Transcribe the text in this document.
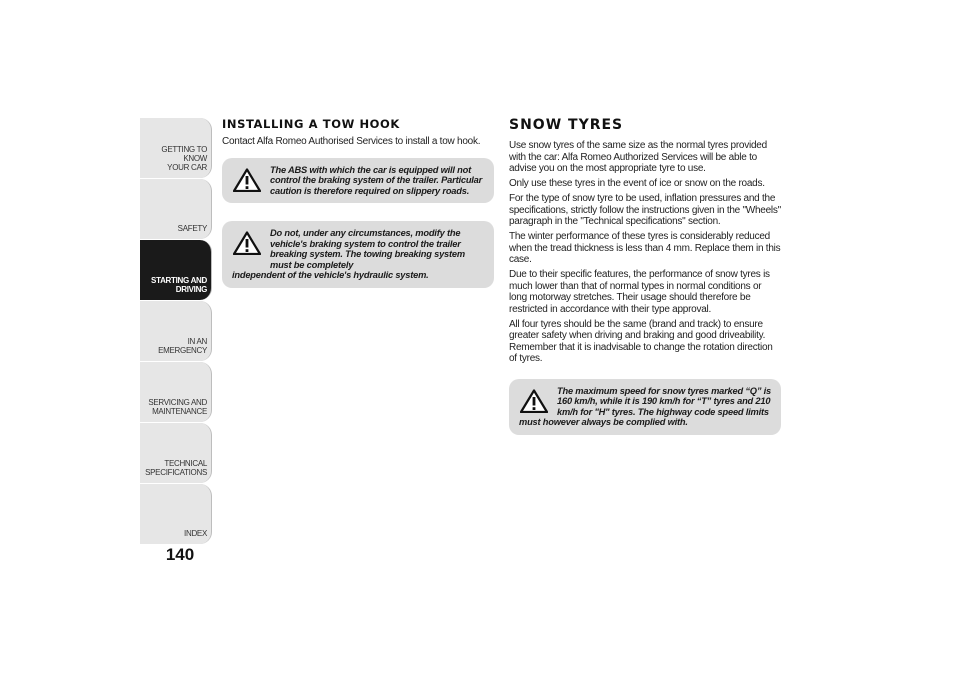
GETTING TO KNOW
YOUR CAR
SAFETY
STARTING AND
DRIVING
IN AN EMERGENCY
SERVICING AND
MAINTENANCE
TECHNICAL
SPECIFICATIONS
INDEX
140
INSTALLING A TOW HOOK

Contact Alfa Romeo Authorised Services to install a tow hook.

The ABS with which the car is equipped will not control the braking system of the trailer. Particular caution is therefore required on slippery roads.
Do not, under any circumstances, modify the vehicle's braking system to control the trailer breaking system. The towing breaking system must be completely
independent of the vehicle's hydraulic system.
SNOW TYRES

Use snow tyres of the same size as the normal tyres provided with the car: Alfa Romeo Authorized Services will be able to advise you on the most appropriate tyre to use.

Only use these tyres in the event of ice or snow on the roads.

For the type of snow tyre to be used, inflation pressures and the specifications, strictly follow the instructions given in the "Wheels" paragraph in the "Technical specifications" section.

The winter performance of these tyres is considerably reduced when the tread thickness is less than 4 mm. Replace them in this case.

Due to their specific features, the performance of snow tyres is much lower than that of normal types in normal conditions or long motorway stretches. Their usage should therefore be restricted in accordance with their type approval.

All four tyres should be the same (brand and track) to ensure greater safety when driving and braking and good driveability. Remember that it is inadvisable to change the rotation direction of tyres.

The maximum speed for snow tyres marked “Q” is 160 km/h, while it is 190 km/h for “T” tyres and 210 km/h for "H" tyres. The highway code speed limits
must however always be complied with.
